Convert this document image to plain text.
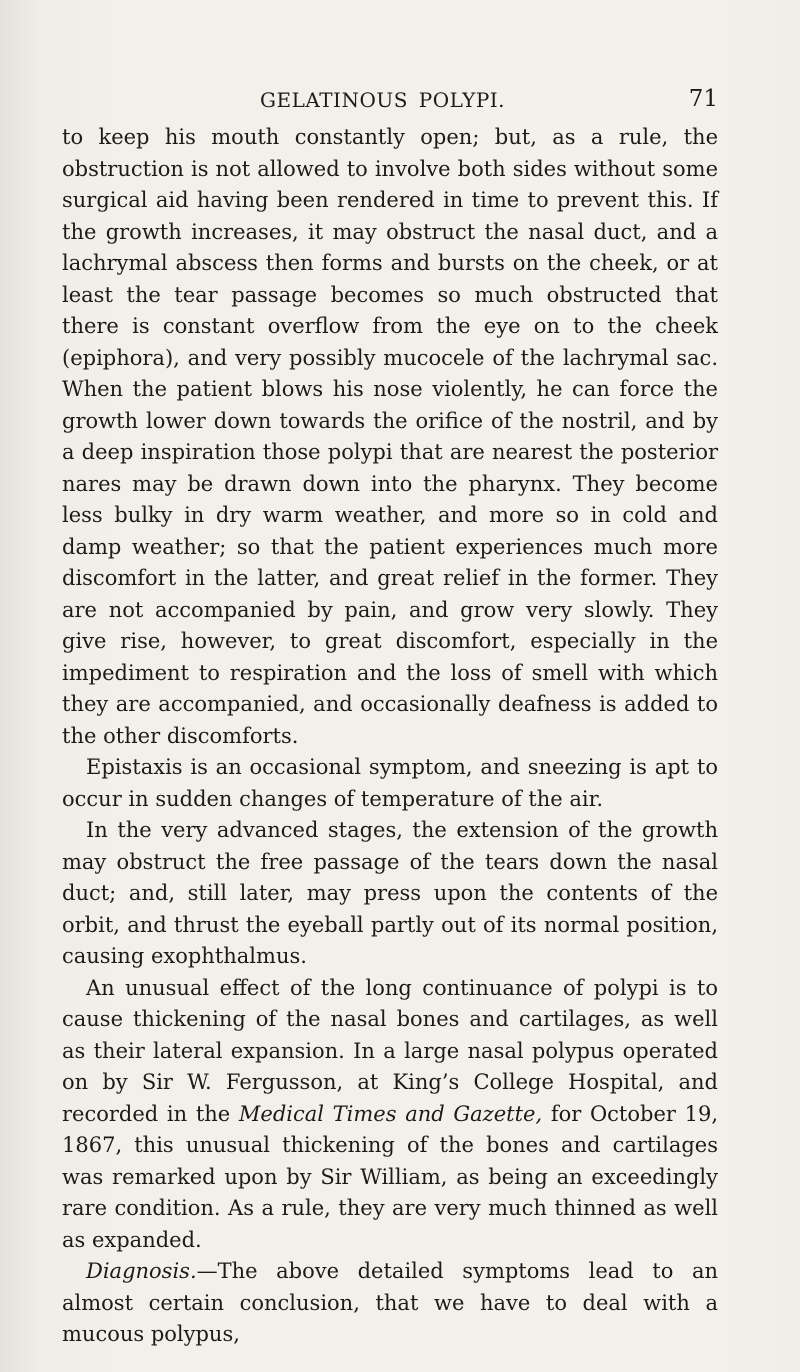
GELATINOUS POLYPI.	71

to keep his mouth constantly open; but, as a rule, the obstruction is not allowed to involve both sides without some surgical aid having been rendered in time to prevent this. If the growth increases, it may obstruct the nasal duct, and a lachrymal abscess then forms and bursts on the cheek, or at least the tear passage becomes so much obstructed that there is constant overflow from the eye on to the cheek (epiphora), and very possibly mucocele of the lachrymal sac. When the patient blows his nose violently, he can force the growth lower down towards the orifice of the nostril, and by a deep inspiration those polypi that are nearest the posterior nares may be drawn down into the pharynx. They become less bulky in dry warm weather, and more so in cold and damp weather; so that the patient experiences much more discomfort in the latter, and great relief in the former. They are not accompanied by pain, and grow very slowly. They give rise, however, to great discomfort, especially in the impediment to respiration and the loss of smell with which they are accompanied, and occasionally deafness is added to the other discomforts.

Epistaxis is an occasional symptom, and sneezing is apt to occur in sudden changes of temperature of the air.

In the very advanced stages, the extension of the growth may obstruct the free passage of the tears down the nasal duct; and, still later, may press upon the contents of the orbit, and thrust the eyeball partly out of its normal position, causing exophthalmus.

An unusual effect of the long continuance of polypi is to cause thickening of the nasal bones and cartilages, as well as their lateral expansion. In a large nasal polypus operated on by Sir W. Fergusson, at King’s College Hospital, and recorded in the Medical Times and Gazette, for October 19, 1867, this unusual thickening of the bones and cartilages was remarked upon by Sir William, as being an exceedingly rare condition. As a rule, they are very much thinned as well as expanded.

Diagnosis.—The above detailed symptoms lead to an almost certain conclusion, that we have to deal with a mucous polypus,
